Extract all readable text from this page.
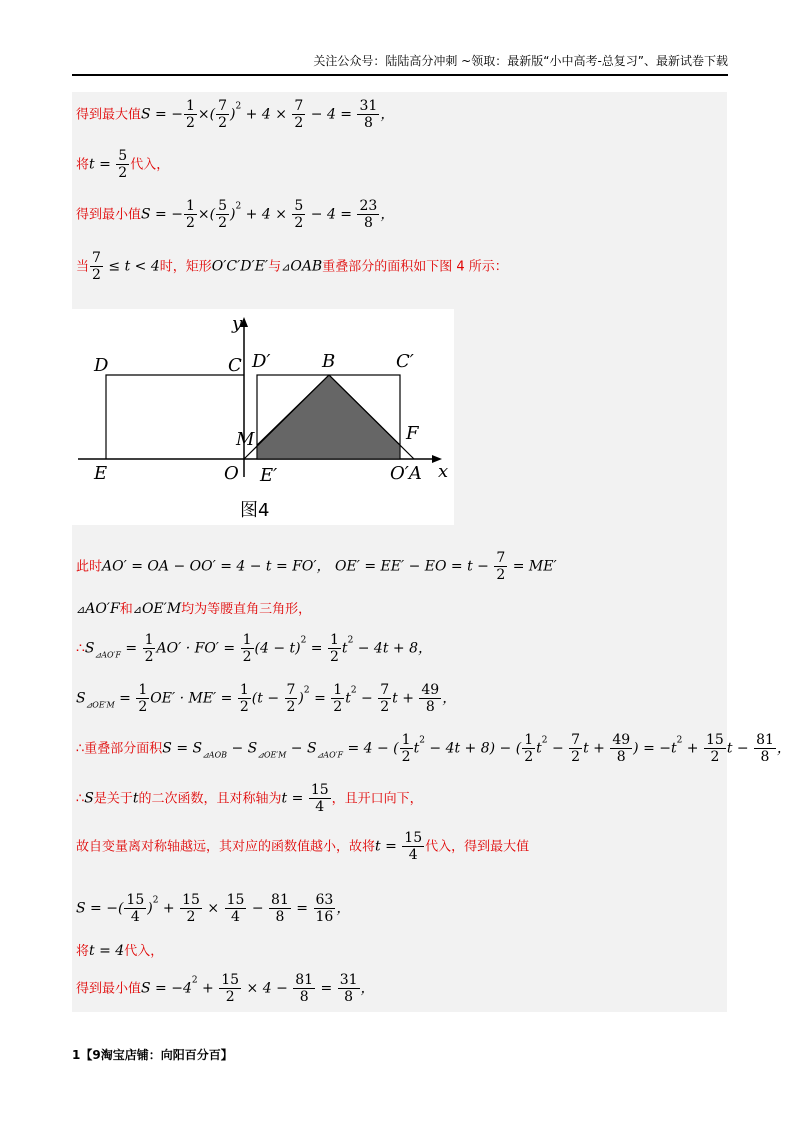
关注公众号：陆陆高分冲刺 ~领取：最新版“小中高考-总复习”、最新试卷下载
得到最大值S = − $\frac{1}{2}$ ×( $\frac{7}{2} )^2 + 4 \times \frac{7}{2} - 4 = \frac{31}{8}$ ，
将$t = \frac{5}{2}$ 代入，
得到最小值S = − $\frac{1}{2}$ ×( $\frac{5}{2} )^2 + 4 \times \frac{5}{2} - 4 = \frac{23}{8}$ ，
当 $\frac{7}{2} \le t < 4$时，矩形O′C′D′E′与⊿OAB重叠部分的面积如下图 4 所示：
y
x
D	C D′	B	C′
M	F
E	O E′	O′A
图4
此时AO′ = OA − OO′ = 4 − t = FO′， OE′ = EE′ − EO = $t - \frac{7}{2} = ME'$
⊿AO′F和⊿OE′M均为等腰直角三角形，
$\therefore S_{⊿AO'F} = \frac{1}{2} AO' \cdot FO' = \frac{1}{2} (4 - t)^2 = \frac{1}{2} t^2 - 4t + 8$，
$S_{⊿OE'M} = \frac{1}{2} OE' \cdot ME' = \frac{1}{2} (t - \frac{7}{2} )^2 = \frac{1}{2} t^2 - \frac{7}{2}$ $t + \frac{49}{8}$ ，
∴重叠部分面积$S = S_{⊿AOB} - S_{⊿OE'M} - S_{⊿AO'F} = 4$ − ( $\frac{1}{2} t^2 - 4t + 8$) − ( $\frac{1}{2} t^2 - \frac{7}{2}$ $t + \frac{49}{8}$ ) = $-t^2 + \frac{15}{2}$ $t - \frac{81}{8}$ ，
∴S是关于t的二次函数，且对称轴为$t = \frac{15}{4}$ ，且开口向下，
故自变量离对称轴越远，其对应的函数值越小，故将$t = \frac{15}{4}$ 代入，得到最大值
S = −( $\frac{15}{4} )^2 + \frac{15}{2} \times \frac{15}{4} - \frac{81}{8} = \frac{63}{16}$ ，
将t = 4代入，
得到最小值$S = -4^2 + \frac{15}{2} \times 4 - \frac{81}{8} = \frac{31}{8}$ ，
1【9淘宝店铺：向阳百分百】
